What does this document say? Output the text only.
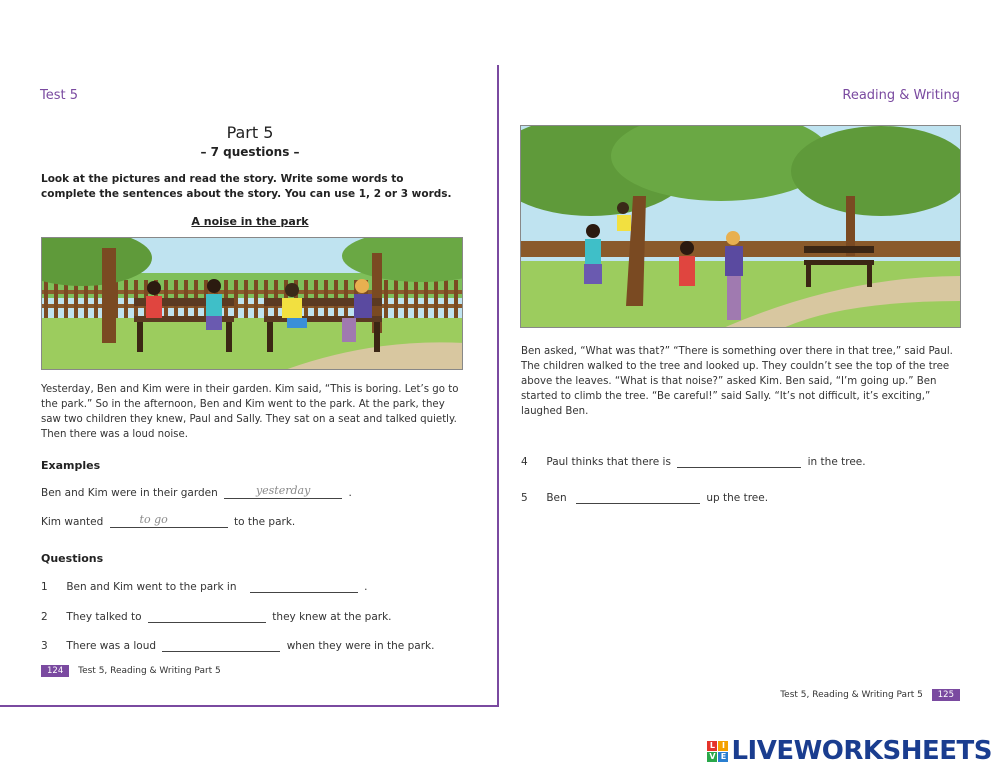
Test 5
Part 5
– 7 questions –
Look at the pictures and read the story. Write some words to complete the sentences about the story. You can use 1, 2 or 3 words.
A noise in the park
Yesterday, Ben and Kim were in their garden. Kim said, “This is boring. Let’s go to the park.” So in the afternoon, Ben and Kim went to the park. At the park, they saw two children they knew, Paul and Sally. They sat on a seat and talked quietly. Then there was a loud noise.
Examples
Ben and Kim were in their garden	yesterday	.
Kim wanted	to go	to the park.
Questions
1 Ben and Kim went to the park in	.
2 They talked to	they knew at the park.
3 There was a loud	when they were in the park.
124 Test 5, Reading & Writing Part 5
Reading & Writing
Ben asked, “What was that?” “There is something over there in that tree,” said Paul. The children walked to the tree and looked up. They couldn’t see the top of the tree above the leaves. “What is that noise?” asked Kim. Ben said, “I’m going up.” Ben started to climb the tree. “Be careful!” said Sally. “It’s not difficult, it’s exciting,” laughed Ben.
4 Paul thinks that there is	in the tree.
5 Ben	up the tree.
Test 5, Reading & Writing Part 5 125
L I
V E LIVEWORKSHEETS
